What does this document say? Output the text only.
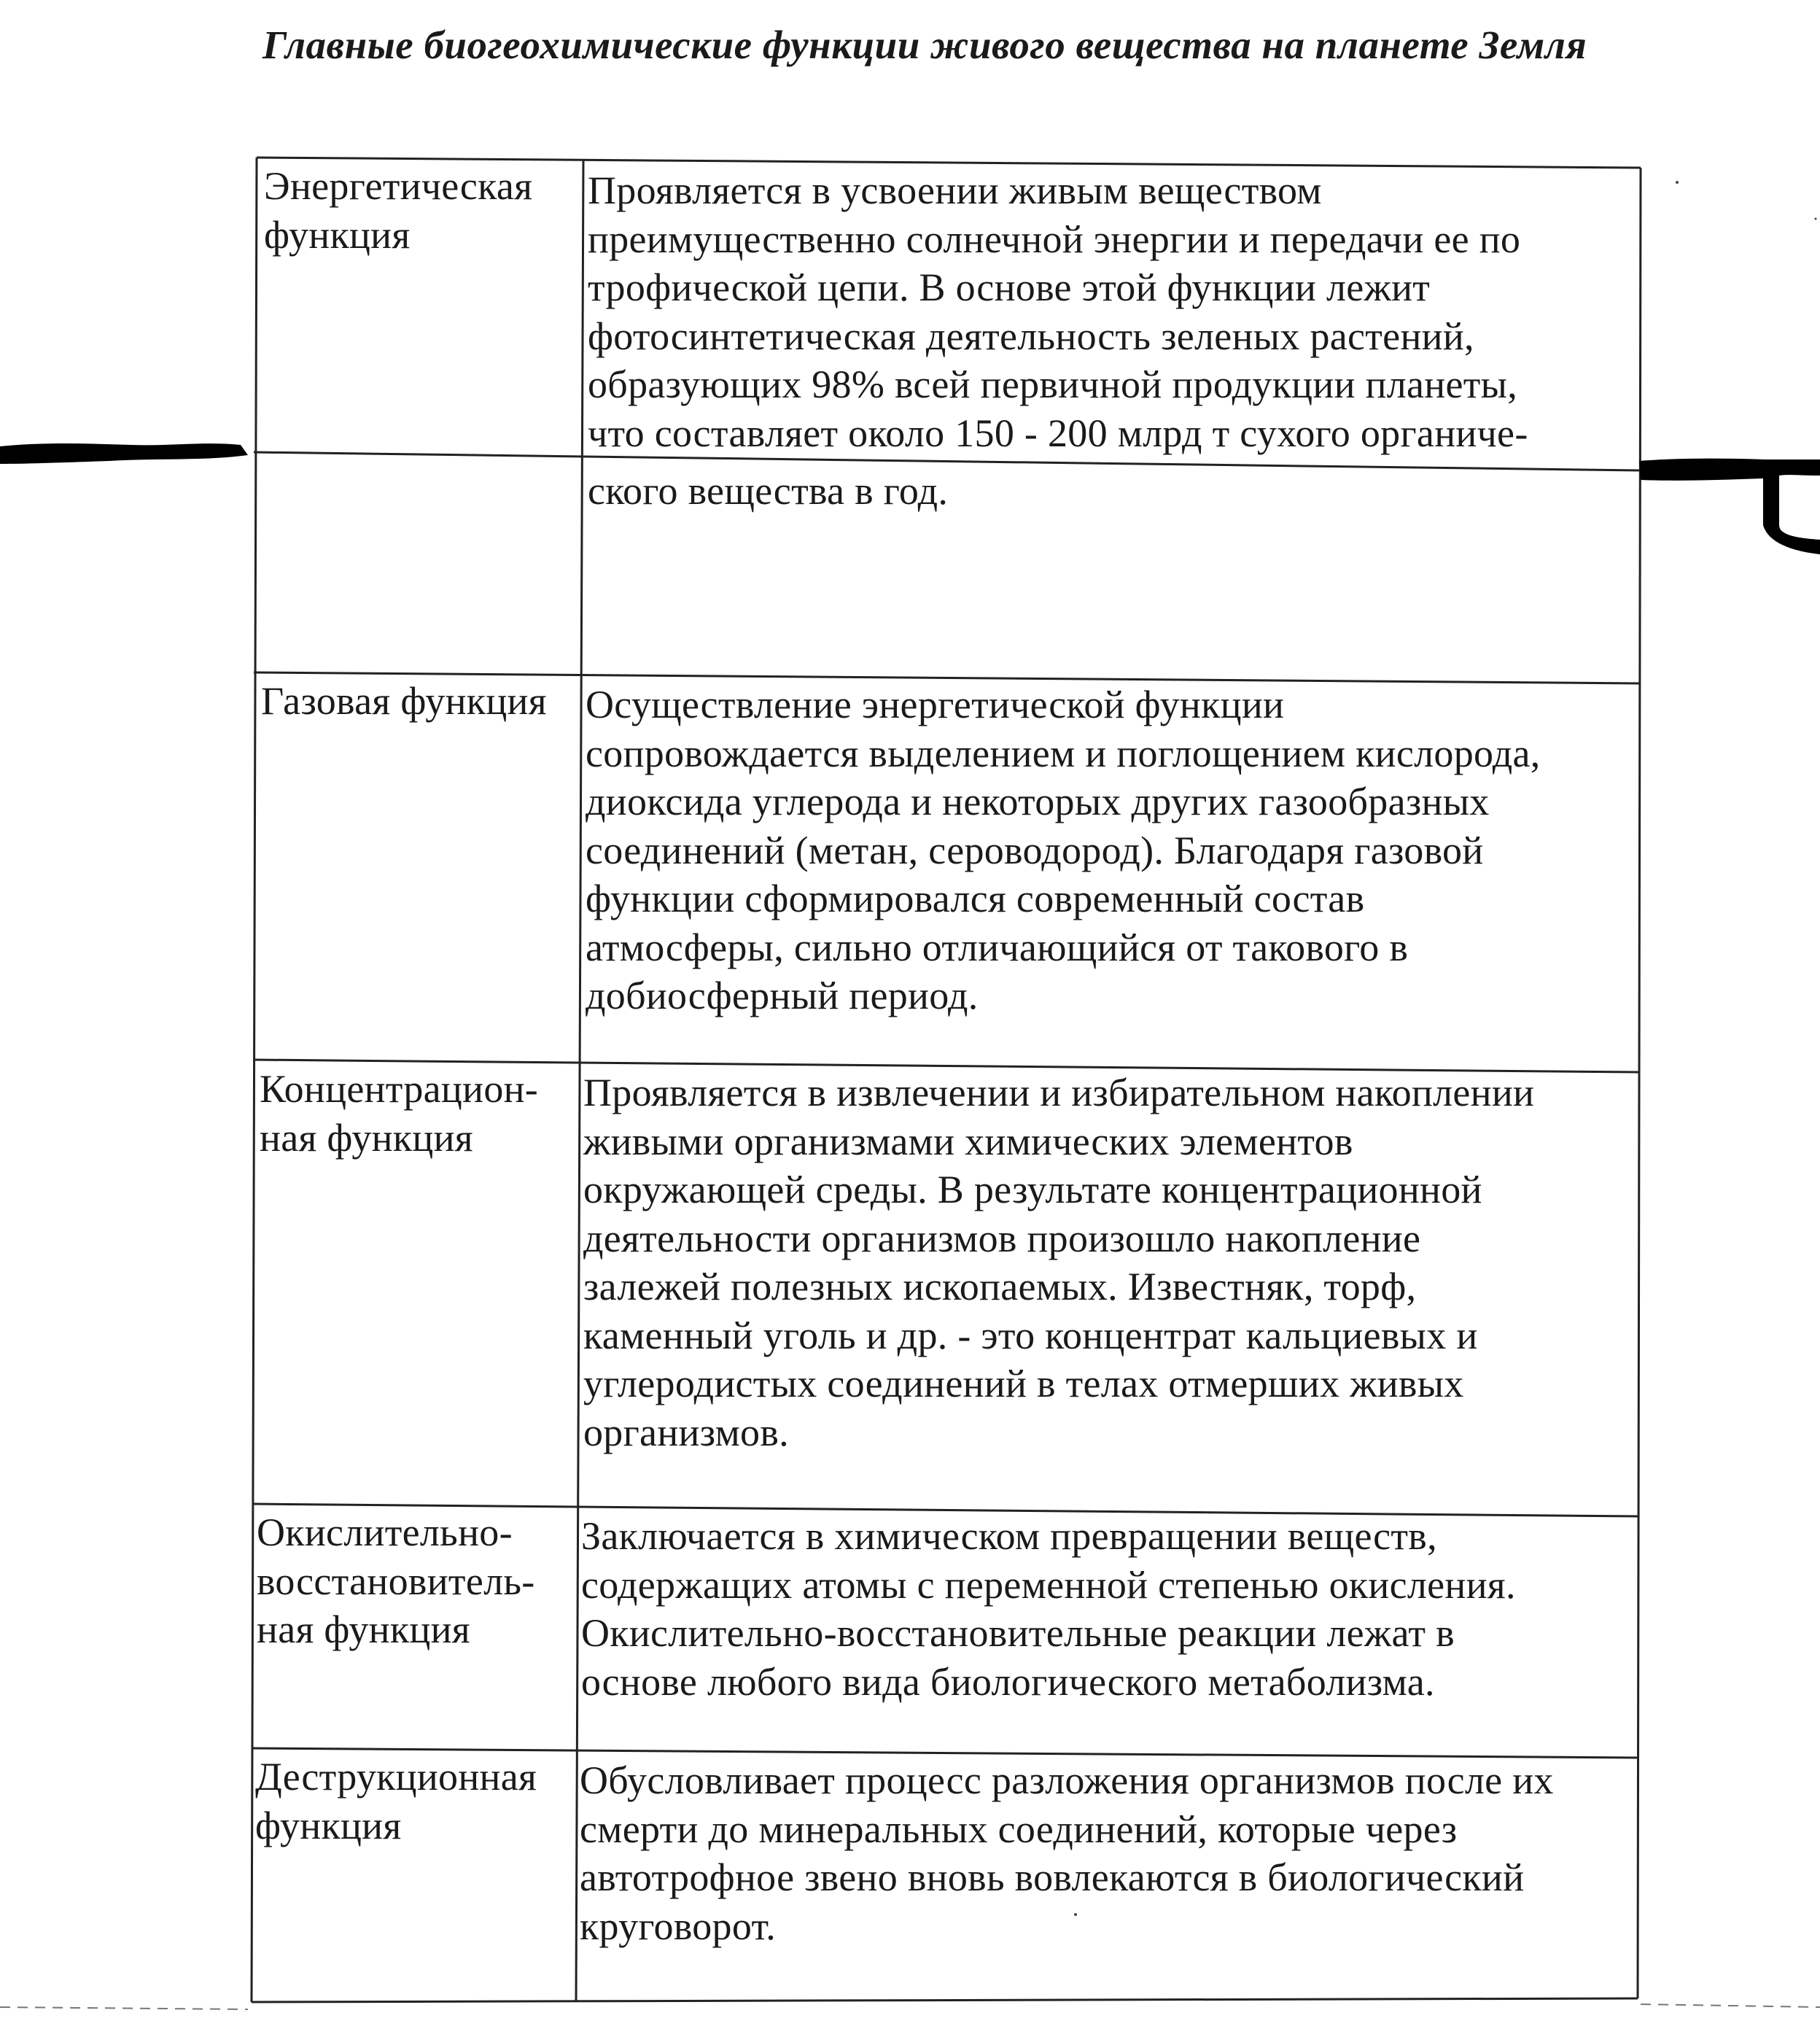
Главные биогеохимические функции живого вещества на планете Земля
Энергетическая
функция
Проявляется в усвоении живым веществом
преимущественно солнечной энергии и передачи ее по
трофической цепи. В основе этой функции лежит
фотосинтетическая деятельность зеленых растений,
образующих 98% всей первичной продукции планеты,
что составляет около 150 - 200 млрд т сухого органиче-
ского вещества в год.
Газовая функция Осуществление энергетической функции
сопровождается выделением и поглощением кислорода,
диоксида углерода и некоторых других газообразных
соединений (метан, сероводород). Благодаря газовой
функции сформировался современный состав
атмосферы, сильно отличающийся от такового в
добиосферный период.
Концентрацион-
ная функция
Проявляется в извлечении и избирательном накоплении
живыми организмами химических элементов
окружающей среды. В результате концентрационной
деятельности организмов произошло накопление
залежей полезных ископаемых. Известняк, торф,
каменный уголь и др. - это концентрат кальциевых и
углеродистых соединений в телах отмерших живых
организмов.
Окислительно-
восстановитель-
ная функция
Заключается в химическом превращении веществ,
содержащих атомы с переменной степенью окисления.
Окислительно-восстановительные реакции лежат в
основе любого вида биологического метаболизма.
Деструкционная
функция
Обусловливает процесс разложения организмов после их
смерти до минеральных соединений, которые через
автотрофное звено вновь вовлекаются в биологический
круговорот.
